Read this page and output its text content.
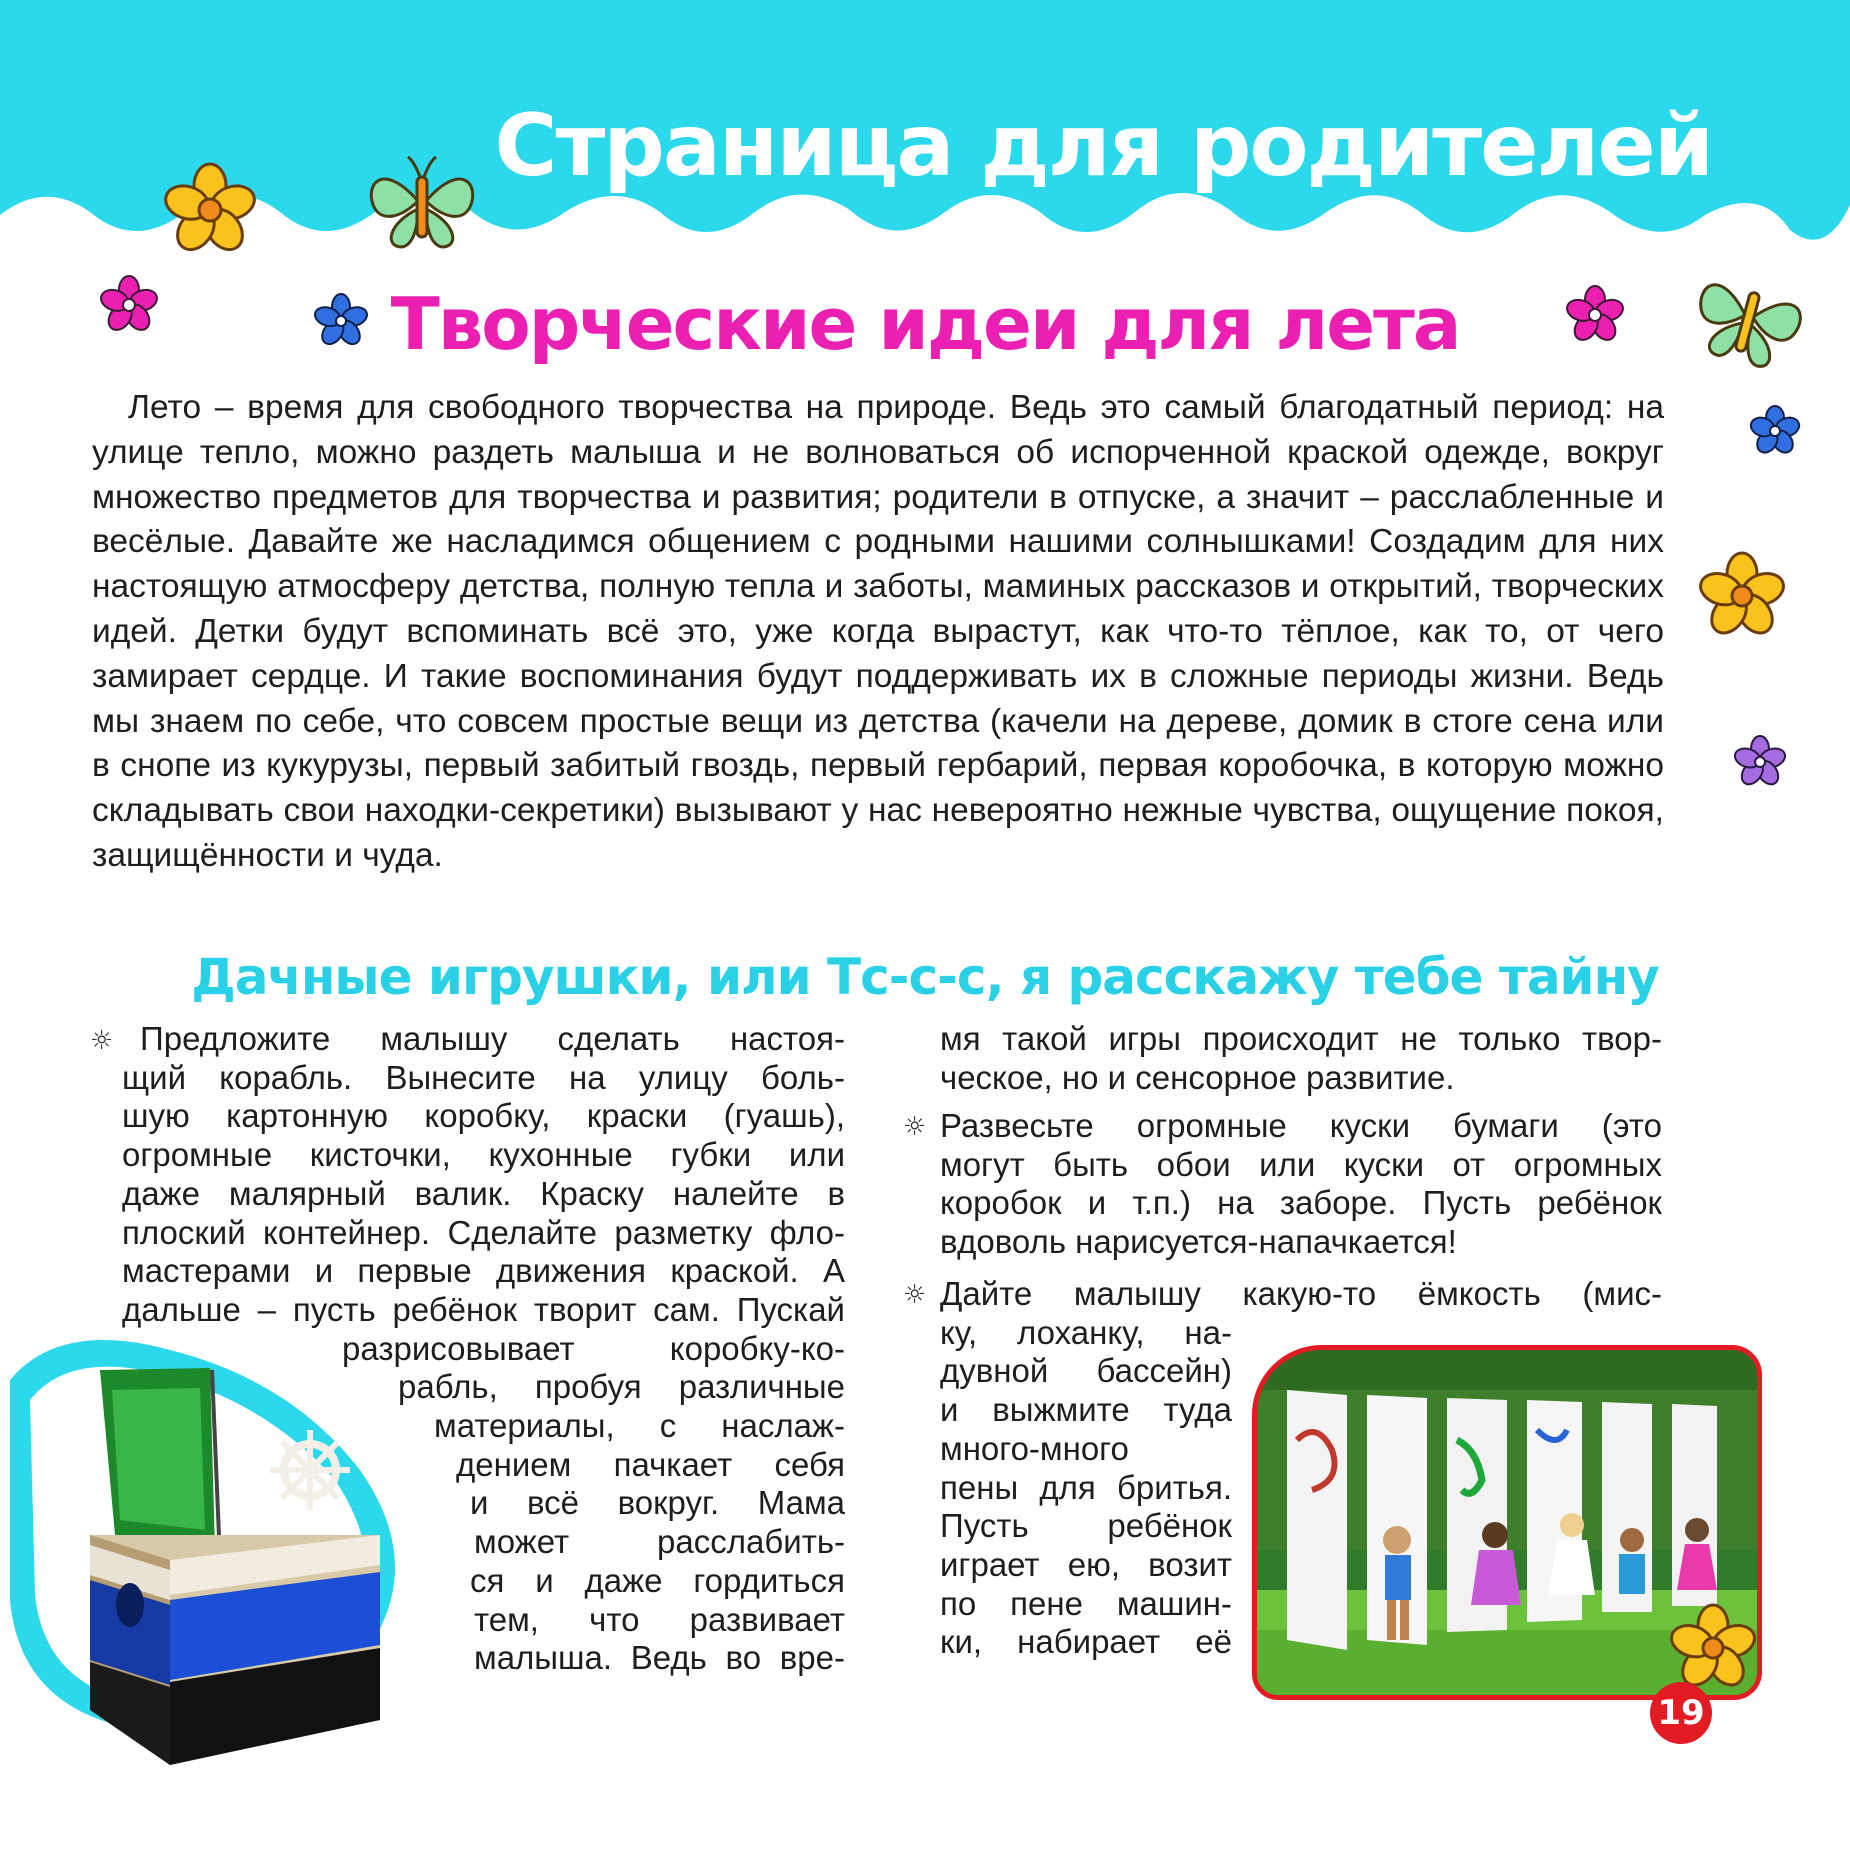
Страница для родителей
Творческие идеи для лета

Лето – время для свободного творчества на природе. Ведь это самый благодатный период: на улице тепло, можно раздеть малыша и не волноваться об испорченной краской одежде, вокруг множество предметов для творчества и развития; родители в отпуске, а значит – расслабленные и весёлые. Давайте же насладимся общением с родными нашими солнышками! Создадим для них настоящую атмосферу детства, полную тепла и заботы, маминых рассказов и открытий, творческих идей. Детки будут вспоминать всё это, уже когда вырастут, как что-то тёплое, как то, от чего замирает сердце. И такие воспоминания будут поддерживать их в сложные периоды жизни. Ведь мы знаем по себе, что совсем простые вещи из детства (качели на дереве, домик в стоге сена или в снопе из кукурузы, первый забитый гвоздь, первый гербарий, первая коробочка, в которую можно складывать свои находки-секретики) вызывают у нас невероятно нежные чувства, ощущение покоя, защищённости и чуда.

Дачные игрушки, или Тс-с-с, я расскажу тебе тайну
☼ Предложите малышу сделать настоя-

щий корабль. Вынесите на улицу боль-

шую картонную коробку, краски (гуашь),

огромные кисточки, кухонные губки или

даже малярный валик. Краску налейте в

плоский контейнер. Сделайте разметку фло-

мастерами и первые движения краской. А

дальше – пусть ребёнок творит сам. Пускай

разрисовывает коробку-ко-

рабль, пробуя различные

материалы, с наслаж-

дением пачкает себя

и всё вокруг. Мама

может расслабить-

ся и даже гордиться

тем, что развивает

малыша. Ведь во вре-

мя такой игры происходит не только твор-

ческое, но и сенсорное развитие.

Развесьте огромные куски бумаги (это

могут быть обои или куски от огромных

коробок и т.п.) на заборе. Пусть ребёнок

вдоволь нарисуется-напачкается!

Дайте малышу какую-то ёмкость (мис-

ку, лоханку, на-

дувной бассейн)

и выжмите туда

много-много

пены для бритья.

Пусть ребёнок

играет ею, возит

по пене машин-

ки, набирает её

☼
☼
19
